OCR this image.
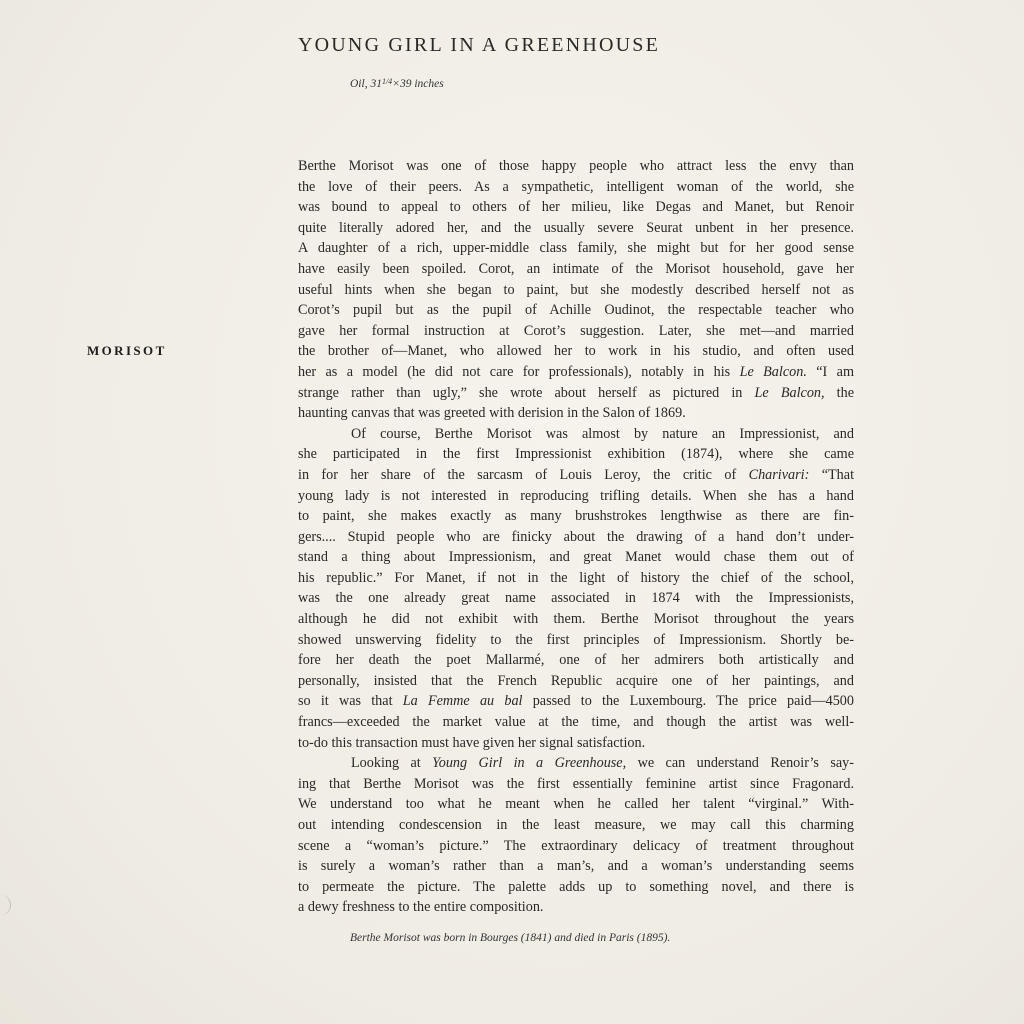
YOUNG GIRL IN A GREENHOUSE
Oil, $31^{1/4}\times 39$ inches
MORISOT
Berthe Morisot was one of those happy people who attract less the envy than
the love of their peers. As a sympathetic, intelligent woman of the world, she
was bound to appeal to others of her milieu, like Degas and Manet, but Renoir
quite literally adored her, and the usually severe Seurat unbent in her presence.
A daughter of a rich, upper-middle class family, she might but for her good sense
have easily been spoiled. Corot, an intimate of the Morisot household, gave her
useful hints when she began to paint, but she modestly described herself not as
Corot’s pupil but as the pupil of Achille Oudinot, the respectable teacher who
gave her formal instruction at Corot’s suggestion. Later, she met—and married
the brother of—Manet, who allowed her to work in his studio, and often used
her as a model (he did not care for professionals), notably in his Le Balcon. “I am
strange rather than ugly,” she wrote about herself as pictured in Le Balcon, the
haunting canvas that was greeted with derision in the Salon of 1869.
Of course, Berthe Morisot was almost by nature an Impressionist, and
she participated in the first Impressionist exhibition (1874), where she came
in for her share of the sarcasm of Louis Leroy, the critic of Charivari: “That
young lady is not interested in reproducing trifling details. When she has a hand
to paint, she makes exactly as many brushstrokes lengthwise as there are fin-
gers.... Stupid people who are finicky about the drawing of a hand don’t under-
stand a thing about Impressionism, and great Manet would chase them out of
his republic.” For Manet, if not in the light of history the chief of the school,
was the one already great name associated in 1874 with the Impressionists,
although he did not exhibit with them. Berthe Morisot throughout the years
showed unswerving fidelity to the first principles of Impressionism. Shortly be-
fore her death the poet Mallarmé, one of her admirers both artistically and
personally, insisted that the French Republic acquire one of her paintings, and
so it was that La Femme au bal passed to the Luxembourg. The price paid—4500
francs—exceeded the market value at the time, and though the artist was well-
to-do this transaction must have given her signal satisfaction.
Looking at Young Girl in a Greenhouse, we can understand Renoir’s say-
ing that Berthe Morisot was the first essentially feminine artist since Fragonard.
We understand too what he meant when he called her talent “virginal.” With-
out intending condescension in the least measure, we may call this charming
scene a “woman’s picture.” The extraordinary delicacy of treatment throughout
is surely a woman’s rather than a man’s, and a woman’s understanding seems
to permeate the picture. The palette adds up to something novel, and there is
a dewy freshness to the entire composition.
Berthe Morisot was born in Bourges (1841) and died in Paris (1895).
